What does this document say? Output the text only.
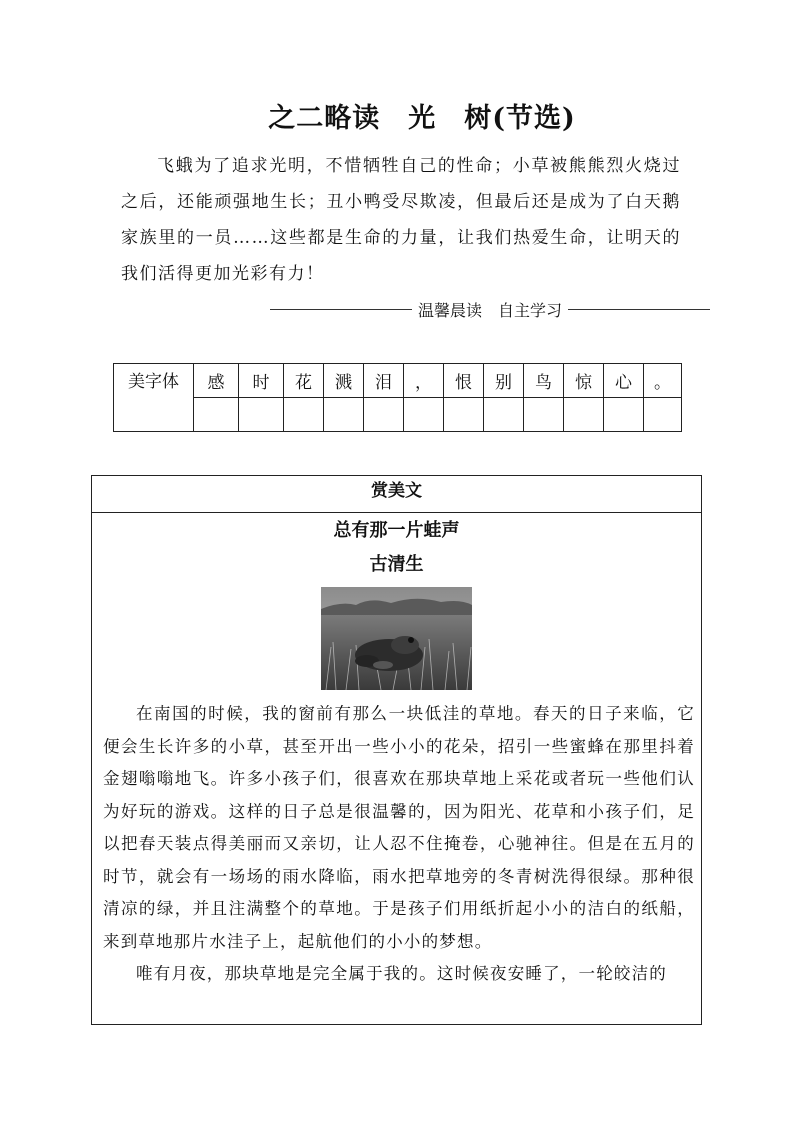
之二略读　光　树(节选)
飞蛾为了追求光明，不惜牺牲自己的性命；小草被熊熊烈火烧过之后，还能顽强地生长；丑小鸭受尽欺凌，但最后还是成为了白天鹅家族里的一员……这些都是生命的力量，让我们热爱生命，让明天的我们活得更加光彩有力！
温馨晨读　自主学习
美字体	感	时	花	溅	泪	，	恨	别	鸟	惊	心	。

赏美文
总有那一片蛙声
古清生

在南国的时候，我的窗前有那么一块低洼的草地。春天的日子来临，它便会生长许多的小草，甚至开出一些小小的花朵，招引一些蜜蜂在那里抖着金翅嗡嗡地飞。许多小孩子们，很喜欢在那块草地上采花或者玩一些他们认为好玩的游戏。这样的日子总是很温馨的，因为阳光、花草和小孩子们，足以把春天装点得美丽而又亲切，让人忍不住掩卷，心驰神往。但是在五月的时节，就会有一场场的雨水降临，雨水把草地旁的冬青树洗得很绿。那种很清凉的绿，并且注满整个的草地。于是孩子们用纸折起小小的洁白的纸船，来到草地那片水洼子上，起航他们的小小的梦想。

唯有月夜，那块草地是完全属于我的。这时候夜安睡了，一轮皎洁的
